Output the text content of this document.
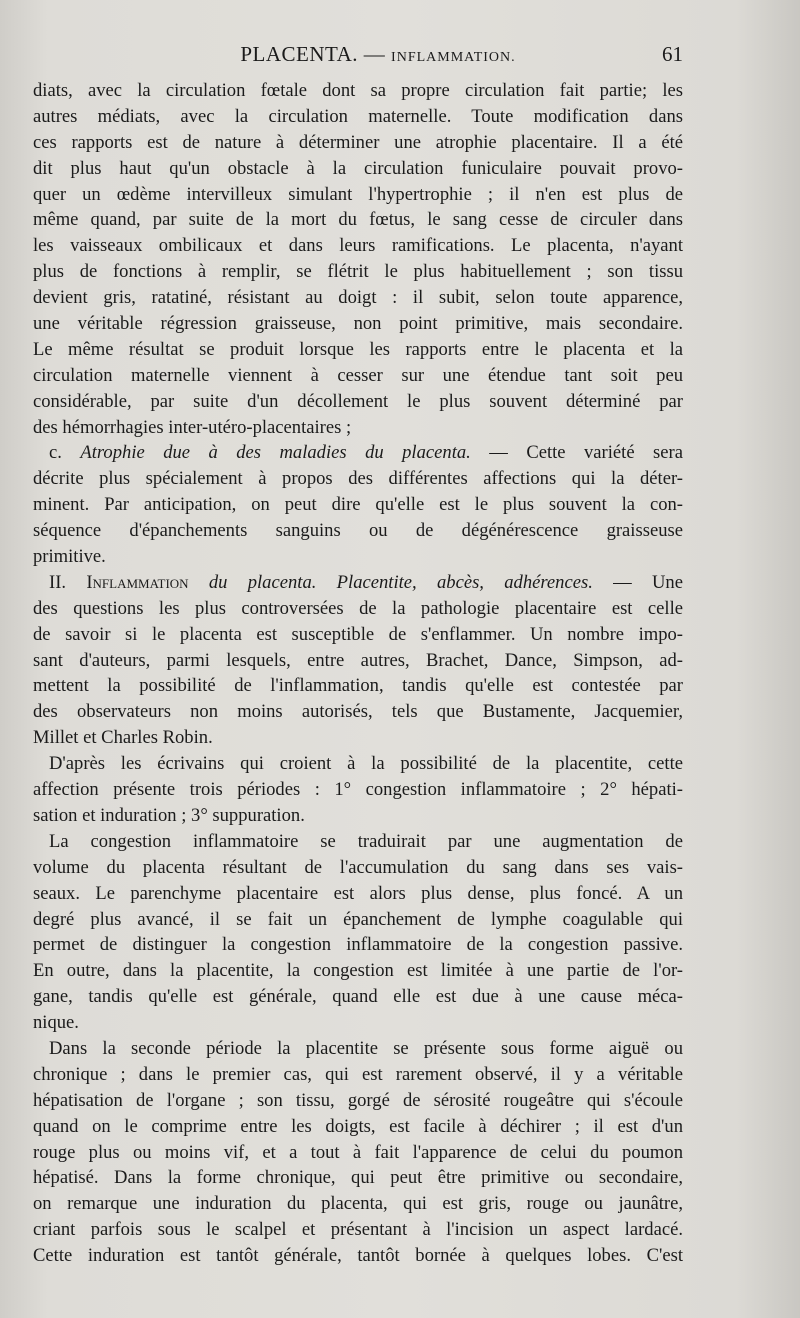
PLACENTA. — INFLAMMATION.	61
diats, avec la circulation fœtale dont sa propre circulation fait partie; les
autres médiats, avec la circulation maternelle. Toute modification dans
ces rapports est de nature à déterminer une atrophie placentaire. Il a été
dit plus haut qu'un obstacle à la circulation funiculaire pouvait provo-
quer un œdème intervilleux simulant l'hypertrophie ; il n'en est plus de
même quand, par suite de la mort du fœtus, le sang cesse de circuler dans
les vaisseaux ombilicaux et dans leurs ramifications. Le placenta, n'ayant
plus de fonctions à remplir, se flétrit le plus habituellement ; son tissu
devient gris, ratatiné, résistant au doigt : il subit, selon toute apparence,
une véritable régression graisseuse, non point primitive, mais secondaire.
Le même résultat se produit lorsque les rapports entre le placenta et la
circulation maternelle viennent à cesser sur une étendue tant soit peu
considérable, par suite d'un décollement le plus souvent déterminé par
des hémorrhagies inter-utéro-placentaires ;
c. Atrophie due à des maladies du placenta. — Cette variété sera
décrite plus spécialement à propos des différentes affections qui la déter-
minent. Par anticipation, on peut dire qu'elle est le plus souvent la con-
séquence d'épanchements sanguins ou de dégénérescence graisseuse
primitive.
II. Inflammation du placenta. Placentite, abcès, adhérences. — Une
des questions les plus controversées de la pathologie placentaire est celle
de savoir si le placenta est susceptible de s'enflammer. Un nombre impo-
sant d'auteurs, parmi lesquels, entre autres, Brachet, Dance, Simpson, ad-
mettent la possibilité de l'inflammation, tandis qu'elle est contestée par
des observateurs non moins autorisés, tels que Bustamente, Jacquemier,
Millet et Charles Robin.
D'après les écrivains qui croient à la possibilité de la placentite, cette
affection présente trois périodes : 1° congestion inflammatoire ; 2° hépati-
sation et induration ; 3° suppuration.
La congestion inflammatoire se traduirait par une augmentation de
volume du placenta résultant de l'accumulation du sang dans ses vais-
seaux. Le parenchyme placentaire est alors plus dense, plus foncé. A un
degré plus avancé, il se fait un épanchement de lymphe coagulable qui
permet de distinguer la congestion inflammatoire de la congestion passive.
En outre, dans la placentite, la congestion est limitée à une partie de l'or-
gane, tandis qu'elle est générale, quand elle est due à une cause méca-
nique.
Dans la seconde période la placentite se présente sous forme aiguë ou
chronique ; dans le premier cas, qui est rarement observé, il y a véritable
hépatisation de l'organe ; son tissu, gorgé de sérosité rougeâtre qui s'écoule
quand on le comprime entre les doigts, est facile à déchirer ; il est d'un
rouge plus ou moins vif, et a tout à fait l'apparence de celui du poumon
hépatisé. Dans la forme chronique, qui peut être primitive ou secondaire,
on remarque une induration du placenta, qui est gris, rouge ou jaunâtre,
criant parfois sous le scalpel et présentant à l'incision un aspect lardacé.
Cette induration est tantôt générale, tantôt bornée à quelques lobes. C'est
